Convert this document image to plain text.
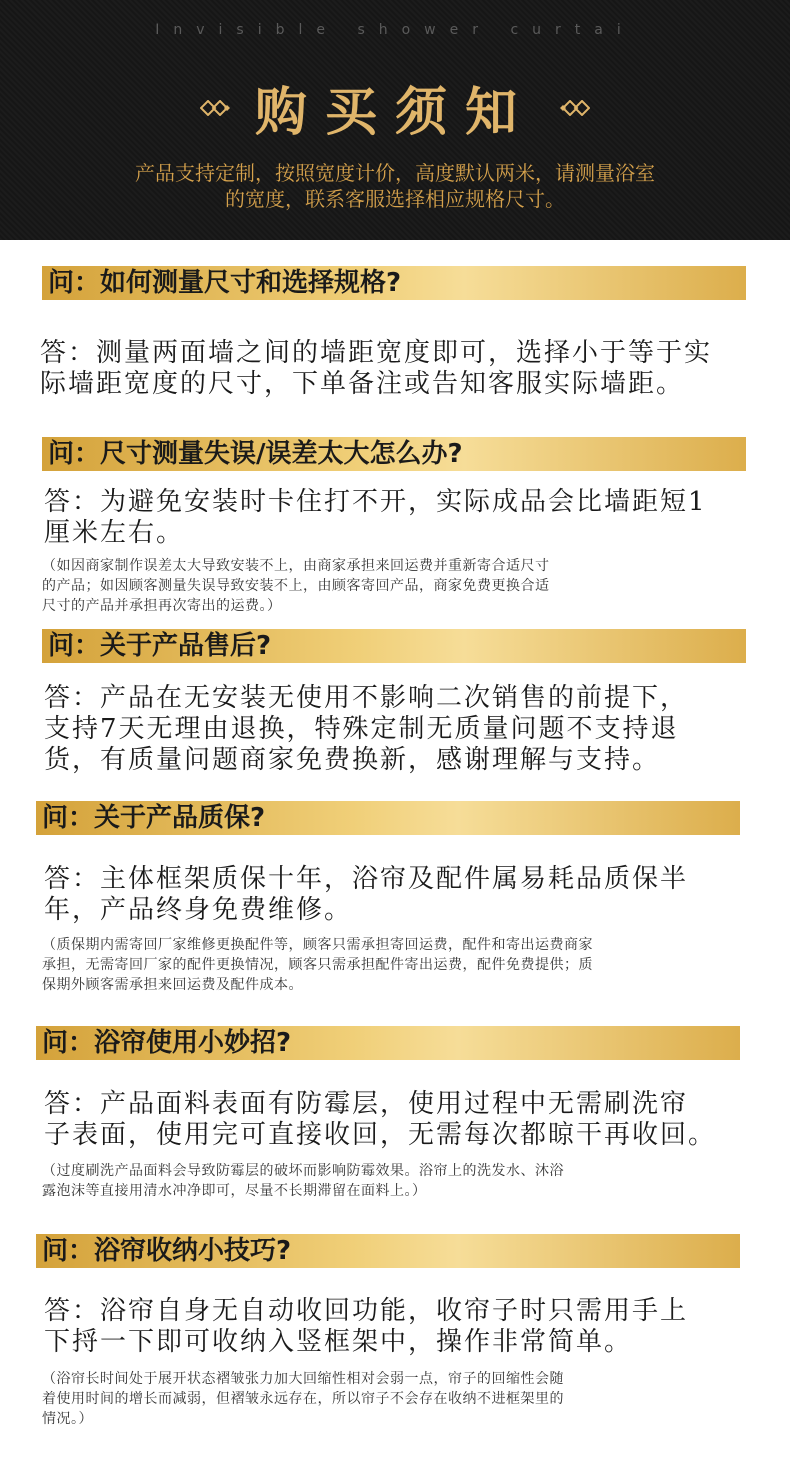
Invisible shower curtai
购买须知
产品支持定制，按照宽度计价，高度默认两米，请测量浴室
的宽度，联系客服选择相应规格尺寸。
问：如何测量尺寸和选择规格?
答：测量两面墙之间的墙距宽度即可，选择小于等于实
际墙距宽度的尺寸，下单备注或告知客服实际墙距。
问：尺寸测量失误/误差太大怎么办?
答：为避免安装时卡住打不开，实际成品会比墙距短1
厘米左右。
（如因商家制作误差太大导致安装不上，由商家承担来回运费并重新寄合适尺寸
的产品；如因顾客测量失误导致安装不上，由顾客寄回产品，商家免费更换合适
尺寸的产品并承担再次寄出的运费。）
问：关于产品售后?
答：产品在无安装无使用不影响二次销售的前提下，
支持7天无理由退换，特殊定制无质量问题不支持退
货，有质量问题商家免费换新，感谢理解与支持。
问：关于产品质保?
答：主体框架质保十年，浴帘及配件属易耗品质保半
年，产品终身免费维修。
（质保期内需寄回厂家维修更换配件等，顾客只需承担寄回运费，配件和寄出运费商家
承担，无需寄回厂家的配件更换情况，顾客只需承担配件寄出运费，配件免费提供；质
保期外顾客需承担来回运费及配件成本。
问：浴帘使用小妙招?
答：产品面料表面有防霉层，使用过程中无需刷洗帘
子表面，使用完可直接收回，无需每次都晾干再收回。
（过度刷洗产品面料会导致防霉层的破坏而影响防霉效果。浴帘上的洗发水、沐浴
露泡沫等直接用清水冲净即可，尽量不长期滞留在面料上。）
问：浴帘收纳小技巧?
答：浴帘自身无自动收回功能，收帘子时只需用手上
下捋一下即可收纳入竖框架中，操作非常简单。
（浴帘长时间处于展开状态褶皱张力加大回缩性相对会弱一点，帘子的回缩性会随
着使用时间的增长而减弱，但褶皱永远存在，所以帘子不会存在收纳不进框架里的
情况。）
